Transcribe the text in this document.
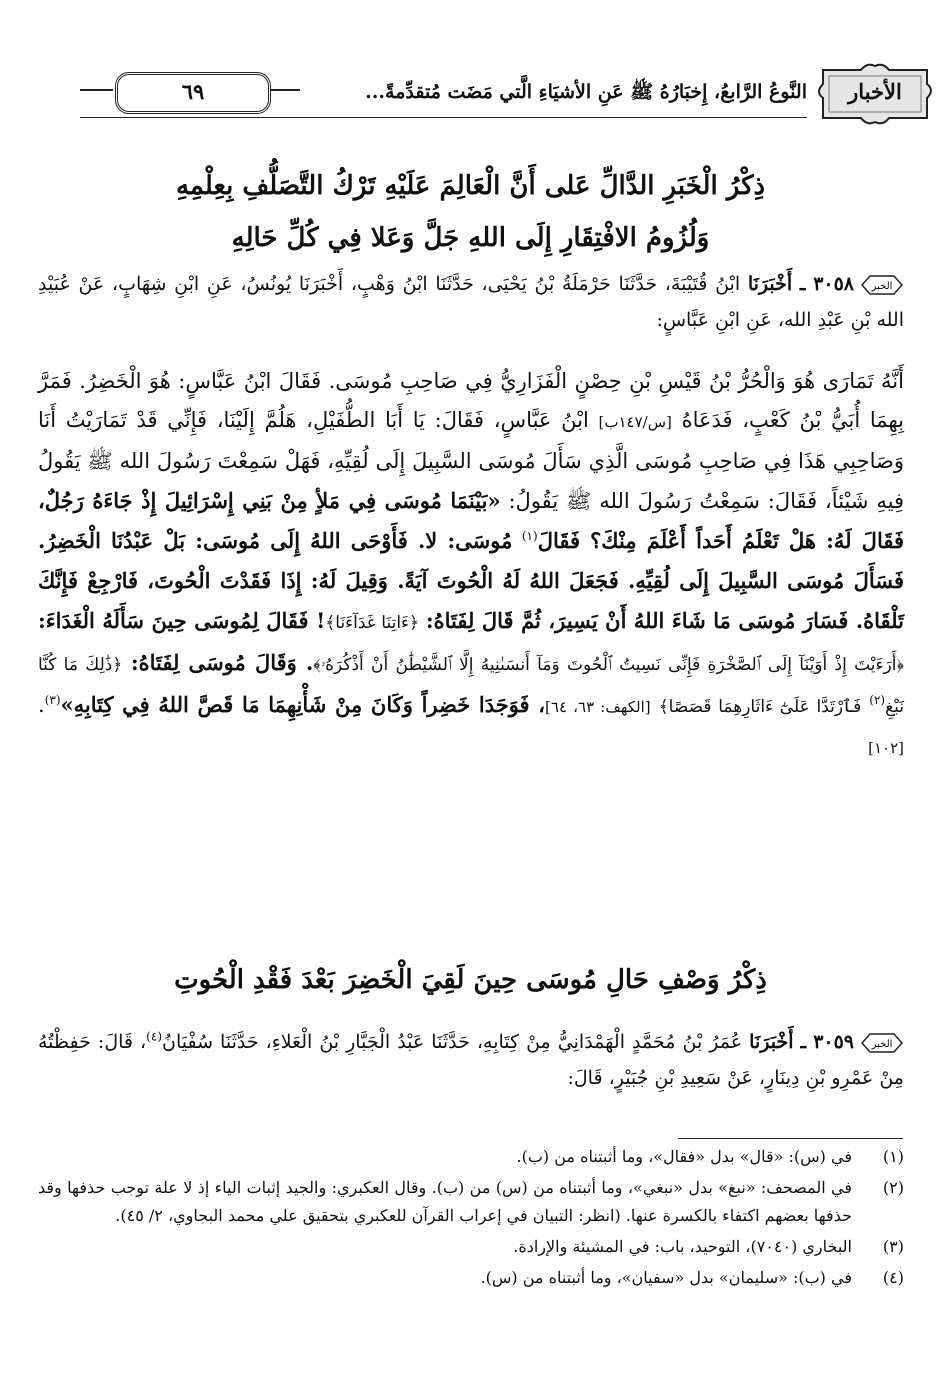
الأخبار
النَّوعُ الرَّابعُ، إِخبَارُهُ ﷺ عَنِ الأشيَاءِ الَّتي مَضَت مُتقدِّمةً...
٦٩
ذِكْرُ الْخَبَرِ الدَّالِّ عَلى أَنَّ الْعَالِمَ عَلَيْهِ تَرْكُ التَّصَلُّفِ بِعِلْمِهِ
وَلُزُومُ الافْتِقَارِ إِلَى اللهِ جَلَّ وَعَلا فِي كُلِّ حَالِهِ
الخبر
٣٠٥٨ ـ أَخْبَرَنَا ابْنُ قُتَيْبَةَ، حَدَّثَنَا حَرْمَلَةُ بْنُ يَحْيَى، حَدَّثَنَا ابْنُ وَهْبٍ، أَخْبَرَنَا يُونُسُ، عَنِ ابْنِ شِهَابٍ، عَنْ عُبَيْدِ الله بْنِ عَبْدِ الله، عَنِ ابْنِ عَبَّاسٍ:
أَنَّهُ تَمَارَى هُوَ وَالْحُرُّ بْنُ قَيْسِ بْنِ حِصْنٍ الْفَزَارِيُّ فِي صَاحِبِ مُوسَى. فَقَالَ ابْنُ عَبَّاسٍ: هُوَ الْخَضِرُ. فَمَرَّ بِهِمَا أُبَيُّ بْنُ كَعْبٍ، فَدَعَاهُ [س/١٤٧ب] ابْنُ عَبَّاسٍ، فَقَالَ: يَا أَبَا الطُّفَيْلِ، هَلُمَّ إِلَيْنَا، فَإِنِّي قَدْ تَمَارَيْتُ أَنَا وَصَاحِبِي هَذَا فِي صَاحِبِ مُوسَى الَّذِي سَأَلَ مُوسَى السَّبِيلَ إِلَى لُقِيِّهِ، فَهَلْ سَمِعْتَ رَسُولَ الله ﷺ يَقُولُ فِيهِ شَيْئاً، فَقَالَ: سَمِعْتُ رَسُولَ الله ﷺ يَقُولُ: «بَيْنَمَا مُوسَى فِي مَلأٍ مِنْ بَنِي إِسْرَائِيلَ إِذْ جَاءَهُ رَجُلٌ، فَقَالَ لَهُ: هَلْ تَعْلَمُ أَحَداً أَعْلَمَ مِنْكَ؟ فَقَالَ$^{(١)}$ مُوسَى: لا. فَأَوْحَى اللهُ إِلَى مُوسَى: بَلْ عَبْدُنَا الْخَضِرُ. فَسَأَلَ مُوسَى السَّبِيلَ إِلَى لُقِيِّهِ. فَجَعَلَ اللهُ لَهُ الْحُوتَ آيَةً. وَقِيلَ لَهُ: إِذَا فَقَدْتَ الْحُوتَ، فَارْجِعْ فَإِنَّكَ تَلْقَاهُ. فَسَارَ مُوسَى مَا شَاءَ اللهُ أَنْ يَسِيرَ، ثُمَّ قَالَ لِفَتَاهُ: ﴿ءَاتِنَا غَدَآءَنَا﴾! فَقَالَ لِمُوسَى حِينَ سَأَلَهُ الْغَدَاءَ: ﴿أَرَءَيْتَ إِذْ أَوَيْنَآ إِلَى ٱلصَّخْرَةِ فَإِنِّى نَسِيتُ ٱلْحُوتَ وَمَآ أَنسَىٰنِيهُ إِلَّا ٱلشَّيْطَٰنُ أَنْ أَذْكُرَهُۥ﴾. وَقَالَ مُوسَى لِفَتَاهُ: ﴿ذَٰلِكَ مَا كُنَّا نَبْغِ$^{(٢)}$ فَٱرْتَدَّا عَلَىٰٓ ءَاثَارِهِمَا قَصَصًا﴾ [الكهف: ٦٣، ٦٤]، فَوَجَدَا خَضِراً وَكَانَ مِنْ شَأْنِهِمَا مَا قَصَّ اللهُ فِي كِتَابِهِ»$^{(٣)}$. [١٠٢]
ذِكْرُ وَصْفِ حَالِ مُوسَى حِينَ لَقِيَ الْخَضِرَ بَعْدَ فَقْدِ الْحُوتِ
الخبر
٣٠٥٩ ـ أَخْبَرَنَا عُمَرُ بْنُ مُحَمَّدٍ الْهَمْدَانِيُّ مِنْ كِتَابِهِ، حَدَّثَنَا عَبْدُ الْجَبَّارِ بْنُ الْعَلاءِ، حَدَّثَنَا سُفْيَانُ$^{(٤)}$، قَالَ: حَفِظْتُهُ مِنْ عَمْرِو بْنِ دِينَارٍ، عَنْ سَعِيدِ بْنِ جُبَيْرٍ، قَالَ:
(١)
في (س): «قال» بدل «فقال»، وما أثبتناه من (ب).
(٢)
في المصحف: «نبغ» بدل «نبغي»، وما أثبتناه من (س) من (ب). وقال العكبري: والجيد إثبات الياء إذ لا علة توجب حذفها وقد حذفها بعضهم اكتفاء بالكسرة عنها. (انظر: التبيان في إعراب القرآن للعكبري بتحقيق علي محمد البجاوي، ٢/ ٤٥).
(٣)
البخاري (٧٠٤٠)، التوحيد، باب: في المشيئة والإرادة.
(٤)
في (ب): «سليمان» بدل «سفيان»، وما أثبتناه من (س).
